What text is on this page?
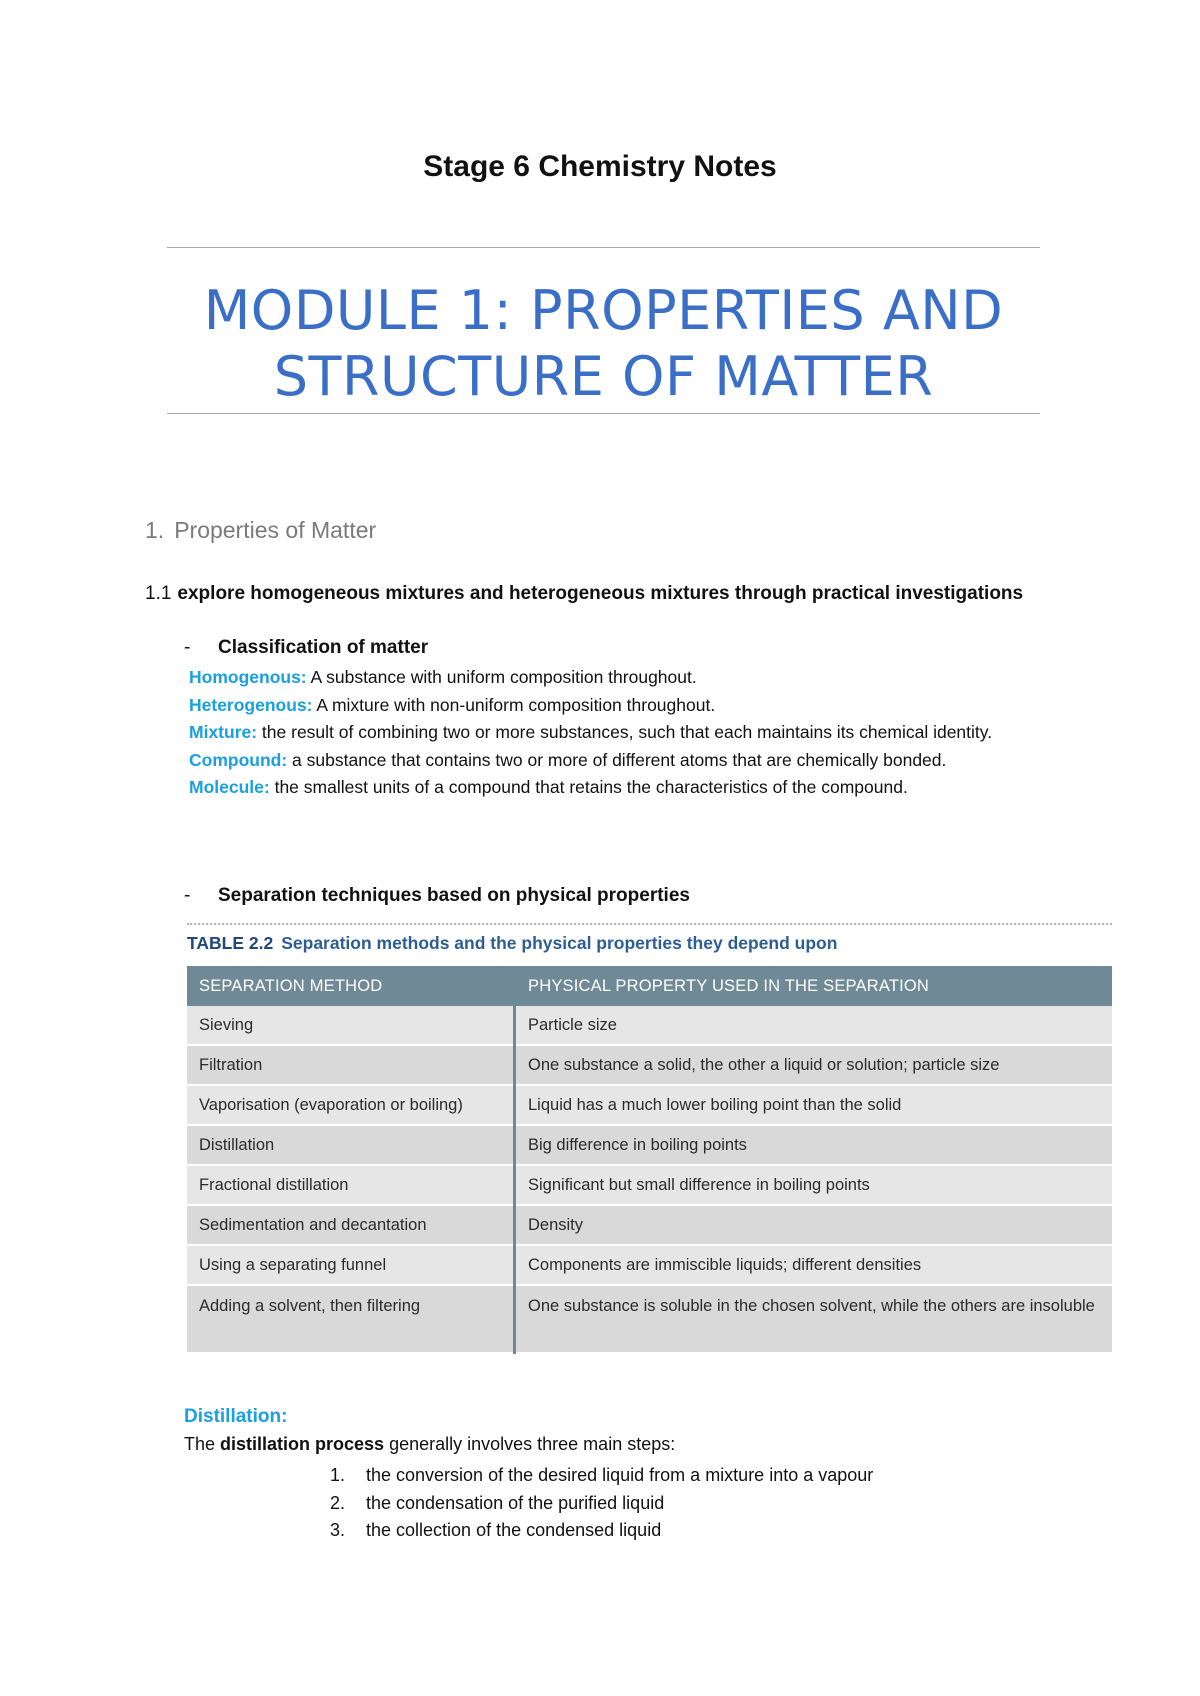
Stage 6 Chemistry Notes
MODULE 1: PROPERTIES AND
STRUCTURE OF MATTER
1. Properties of Matter
1.1 explore homogeneous mixtures and heterogeneous mixtures through practical investigations
- Classification of matter
Homogenous: A substance with uniform composition throughout.
Heterogenous: A mixture with non-uniform composition throughout.
Mixture: the result of combining two or more substances, such that each maintains its chemical identity.
Compound: a substance that contains two or more of different atoms that are chemically bonded.
Molecule: the smallest units of a compound that retains the characteristics of the compound.
- Separation techniques based on physical properties
TABLE 2.2 Separation methods and the physical properties they depend upon
SEPARATION METHOD	PHYSICAL PROPERTY USED IN THE SEPARATION
Sieving	Particle size
Filtration	One substance a solid, the other a liquid or solution; particle size
Vaporisation (evaporation or boiling)	Liquid has a much lower boiling point than the solid
Distillation	Big difference in boiling points
Fractional distillation	Significant but small difference in boiling points
Sedimentation and decantation	Density
Using a separating funnel	Components are immiscible liquids; different densities
Adding a solvent, then filtering	One substance is soluble in the chosen solvent, while the others are insoluble
Distillation:
The distillation process generally involves three main steps:
1. the conversion of the desired liquid from a mixture into a vapour
2. the condensation of the purified liquid
3. the collection of the condensed liquid
